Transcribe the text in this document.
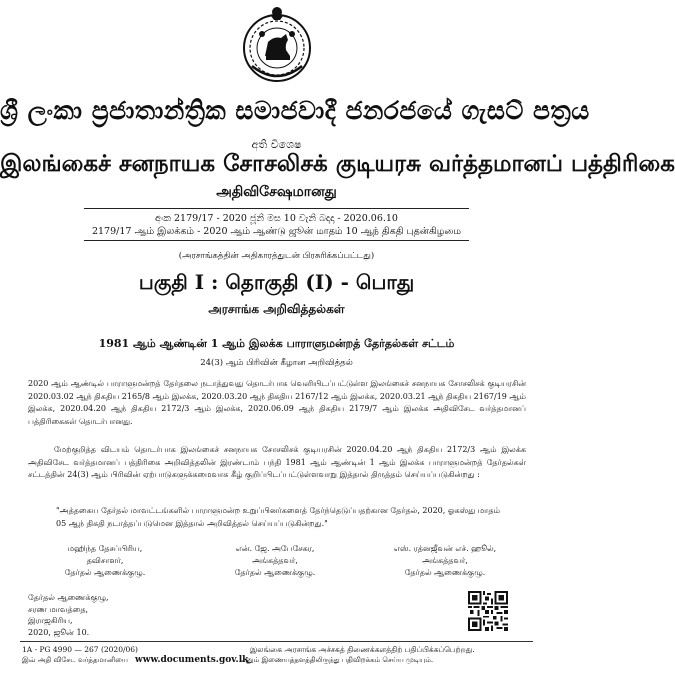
ශ්‍රී ලංකා ප්‍රජාතාන්ත්‍රික සමාජවාදී ජනරජයේ ගැසට් පත්‍රය
අති විශෙෂ
இலங்கைச் சனநாயக சோசலிசக் குடியரசு வர்த்தமானப் பத்திரிகை
அதிவிசேஷமானது
අංක 2179/17 - 2020 ජූනි මස 10 වැනි බදාදා - 2020.06.10
2179/17 ஆம் இலக்கம் - 2020 ஆம் ஆண்டு ஜூன் மாதம் 10 ஆந் திகதி புதன்கிழமை
(அரசாங்கத்தின் அதிகாரத்துடன் பிரசுரிக்கப்பட்டது)
பகுதி I : தொகுதி (I) - பொது
அரசாங்க அறிவித்தல்கள்
1981 ஆம் ஆண்டின் 1 ஆம் இலக்க பாராளுமன்றத் தேர்தல்கள் சட்டம்
24(3) ஆம் பிரிவின் கீழான அறிவித்தல்
2020 ஆம் ஆண்டில் பாராளுமன்றத் தேர்தலை நடாத்துவது தொடர்பாக வெளியிடப்பட்டுள்ள இலங்கைச் சனநாயக சோசலிசக் குடியரசின் 2020.03.02 ஆந் திகதிய 2165/8 ஆம் இலக்க, 2020.03.20 ஆந் திகதிய 2167/12 ஆம் இலக்க, 2020.03.21 ஆந் திகதிய 2167/19 ஆம் இலக்க, 2020.04.20 ஆந் திகதிய 2172/3 ஆம் இலக்க, 2020.06.09 ஆந் திகதிய 2179/7 ஆம் இலக்க அதிவிசேட வர்த்தமானப் பத்திரிகைகள் தொடர்பானது.
மேற்குறித்த விடயம் தொடர்பாக இலங்கைச் சனநாயக சோசலிசக் குடியரசின் 2020.04.20 ஆந் திகதிய 2172/3 ஆம் இலக்க அதிவிசேட வர்த்தமானப் பத்திரிகை அறிவித்தலின் இரண்டாம் பந்தி 1981 ஆம் ஆண்டின் 1 ஆம் இலக்க பாராளுமன்றத் தேர்தல்கள் சட்டத்தின் 24(3) ஆம் பிரிவின் ஏற்பாடுகளுக்கமைவாக கீழ் குறிப்பிடப்பட்டுள்ளவாறு இத்தால் திருத்தம் செய்யப்படுகின்றது :
"அத்தகைய தேர்தல் மாவட்டங்களில் பாராளுமன்ற உறுப்பினர்களைத் தேர்ந்தெடுப்பதற்கான தேர்தல், 2020, ஓகஸ்து மாதம் 05 ஆந் திகதி நடாத்தப்படுமென இத்தால் அறிவித்தல் செய்யப்படுகின்றது."
மஹிந்த தேசப்பிரிய,
தவிசாளர்,
தேர்தல் ஆணைக்குழு.
என். ஜே. அபேசேகர,
அங்கத்தவர்,
தேர்தல் ஆணைக்குழு.
எஸ். ரத்னஜீவன் எச். ஹூல்,
அங்கத்தவர்,
தேர்தல் ஆணைக்குழு.
தேர்தல் ஆணைக்குழு,
சரண மாவத்தை,
இராஜகிரிய,
2020, ஜூன் 10.
1A - PG 4990 — 267 (2020/06)	இலங்கை அரசாங்க அச்சகத் திணைக்களத்திற் பதிப்பிக்கப்பெற்றது.
இவ் அதி விசேட வர்த்தமானியை www.documents.gov.lk
எனும் இணையத்தளத்திலிருந்து பதிவிறக்கம் செய்ய முடியும்.
